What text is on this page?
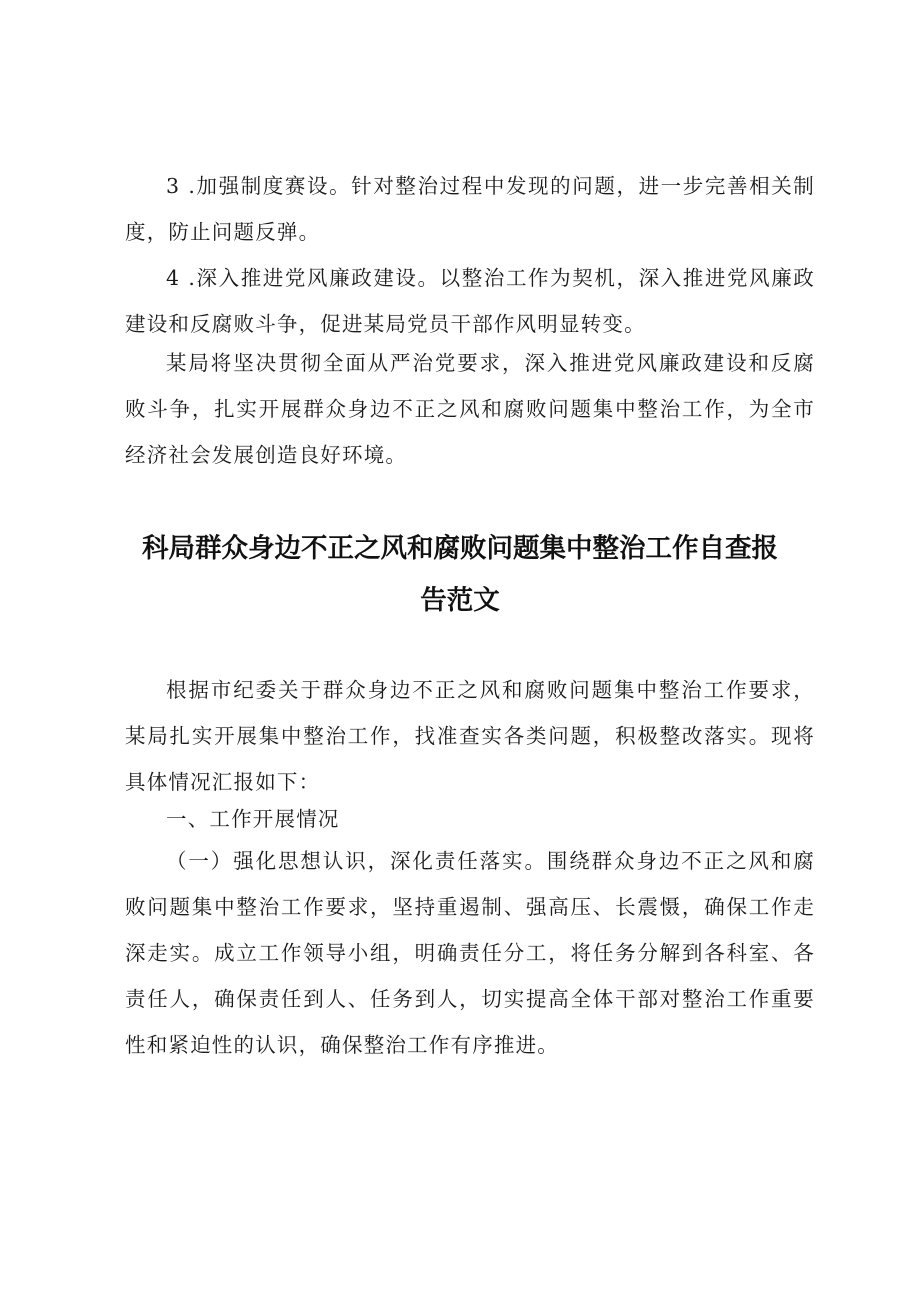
3 .加强制度赛设。针对整治过程中发现的问题，进一步完善相关制度，防止问题反弹。

4 .深入推进党风廉政建设。以整治工作为契机，深入推进党风廉政建设和反腐败斗争，促进某局党员干部作风明显转变。

某局将坚决贯彻全面从严治党要求，深入推进党风廉政建设和反腐败斗争，扎实开展群众身边不正之风和腐败问题集中整治工作，为全市经济社会发展创造良好环境。

科局群众身边不正之风和腐败问题集中整治工作自查报告范文

根据市纪委关于群众身边不正之风和腐败问题集中整治工作要求，某局扎实开展集中整治工作，找准查实各类问题，积极整改落实。现将具体情况汇报如下：

一、工作开展情况

（一）强化思想认识，深化责任落实。围绕群众身边不正之风和腐败问题集中整治工作要求，坚持重遏制、强高压、长震慑，确保工作走深走实。成立工作领导小组，明确责任分工，将任务分解到各科室、各责任人，确保责任到人、任务到人，切实提高全体干部对整治工作重要性和紧迫性的认识，确保整治工作有序推进。
